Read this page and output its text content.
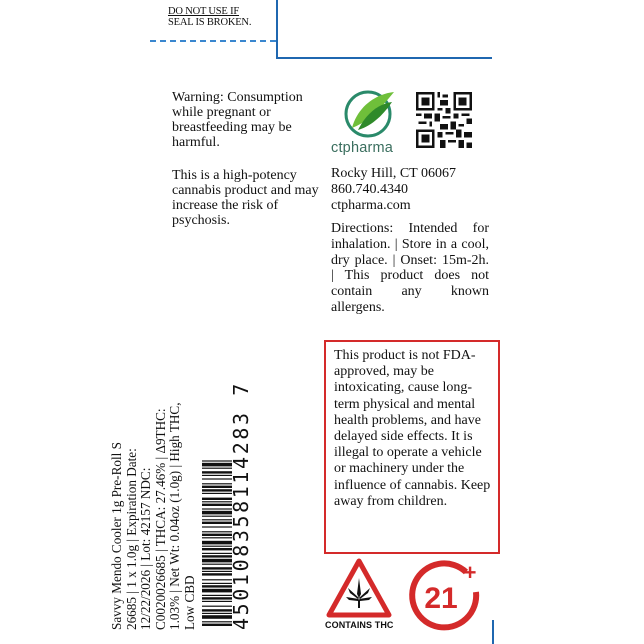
DO NOT USE IF
SEAL IS BROKEN.

Warning: Consumption while pregnant or breastfeeding may be harmful.

This is a high-potency cannabis product and may increase the risk of psychosis.
ctpharma
Rocky Hill, CT 06067
860.740.4340
ctpharma.com
Directions: Intended for inhalation. | Store in a cool, dry place. | Onset: 15m-2h. | This product does not contain any known allergens.
This product is not FDA-approved, may be intoxicating, cause long-term physical and mental health problems, and have delayed side effects. It is illegal to operate a vehicle or machinery under the influence of cannabis. Keep away from children.
Savvy Mendo Cooler 1g Pre-Roll S 26685 | 1 x 1.0g | Expiration Date: 12/22/2026 | Lot: 42157 NDC: C0020026685 | THCA: 27.46% | Δ9THC: 1.03% | Net Wt: 0.04oz (1.0g) | High THC, Low CBD 450108358114283 7	CONTAINS THC
21
+
